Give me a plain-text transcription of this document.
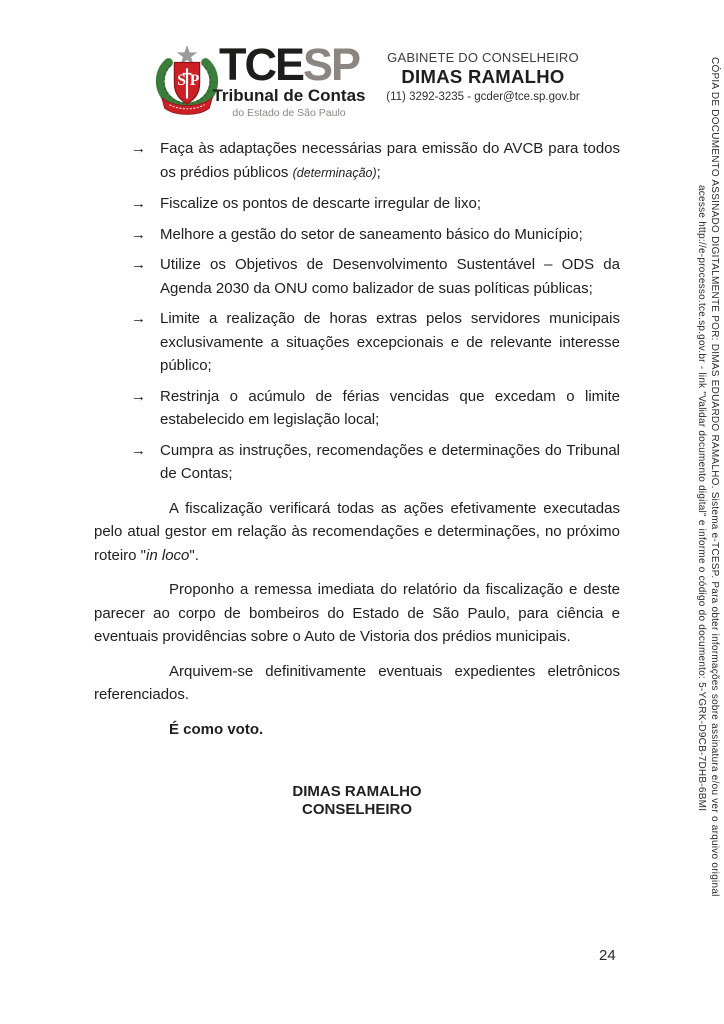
S P TCESP
Tribunal de Contas
do Estado de São Paulo
GABINETE DO CONSELHEIRO
DIMAS RAMALHO
(11) 3292-3235 - gcder@tce.sp.gov.br	CÓPIA DE DOCUMENTO ASSINADO DIGITALMENTE POR: DIMAS EDUARDO RAMALHO. Sistema e-TCESP. Para obter informações sobre assinatura e/ou ver o arquivo original
acesse http://e-processo.tce.sp.gov.br - link "Validar documento digital" e informe o código do documento: 5-YGRK-D9CB-7DHB-6BMI
→ Faça às adaptações necessárias para emissão do AVCB para todos os prédios públicos (determinação);
→ Fiscalize os pontos de descarte irregular de lixo;
→ Melhore a gestão do setor de saneamento básico do Município;
→ Utilize os Objetivos de Desenvolvimento Sustentável – ODS da Agenda 2030 da ONU como balizador de suas políticas públicas;
→ Limite a realização de horas extras pelos servidores municipais exclusivamente a situações excepcionais e de relevante interesse público;
→ Restrinja o acúmulo de férias vencidas que excedam o limite estabelecido em legislação local;
→ Cumpra as instruções, recomendações e determinações do Tribunal de Contas;

A fiscalização verificará todas as ações efetivamente executadas pelo atual gestor em relação às recomendações e determinações, no próximo roteiro "in loco".

Proponho a remessa imediata do relatório da fiscalização e deste parecer ao corpo de bombeiros do Estado de São Paulo, para ciência e eventuais providências sobre o Auto de Vistoria dos prédios municipais.

Arquivem-se definitivamente eventuais expedientes eletrônicos referenciados.

É como voto.

DIMAS RAMALHO
CONSELHEIRO
24
